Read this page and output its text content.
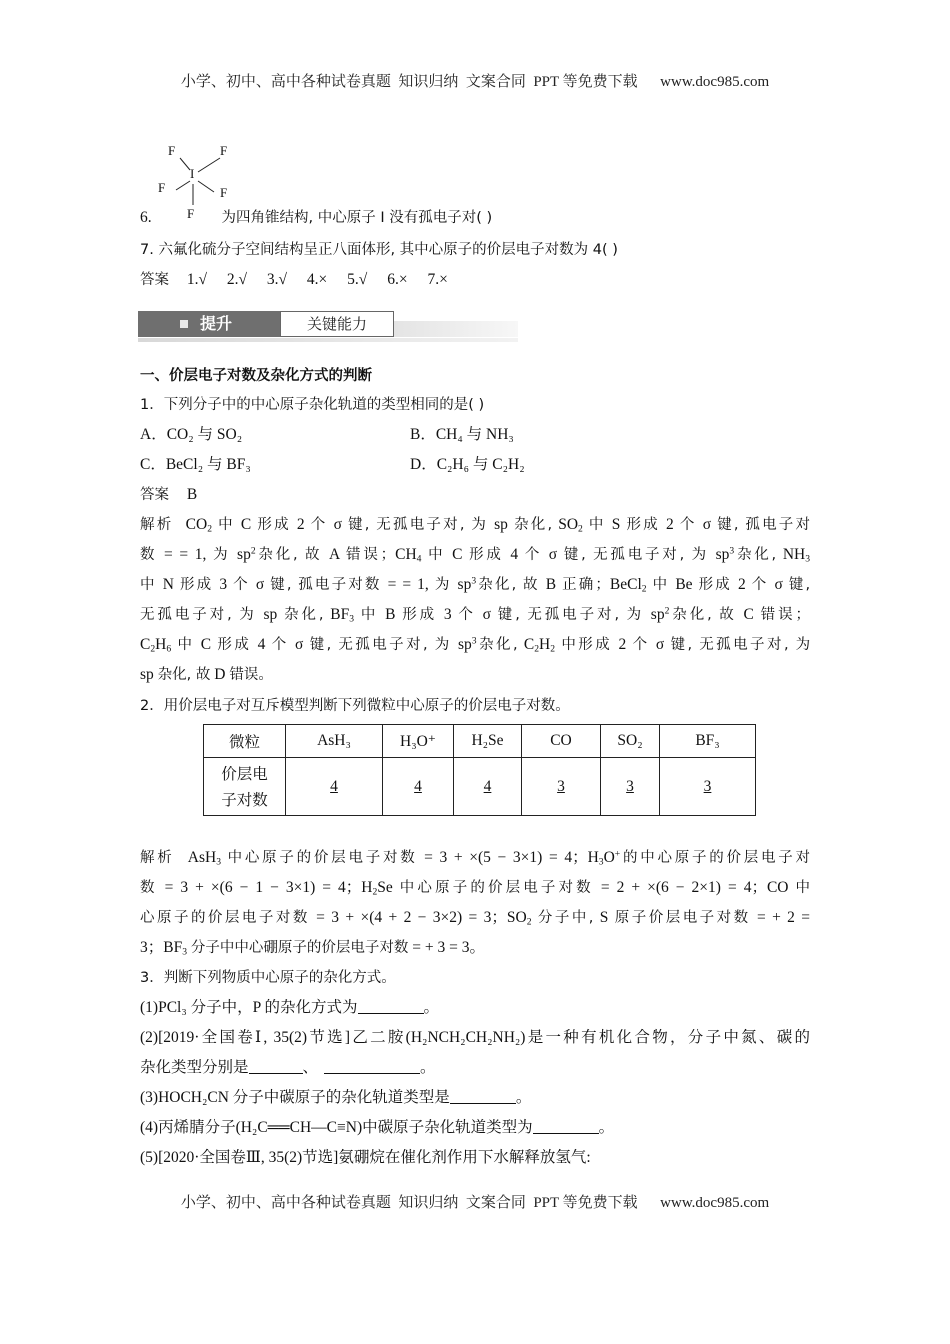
小学、初中、高中各种试卷真题  知识归纳  文案合同  PPT 等免费下载      www.doc985.com
F	F
I
F	F
F
6.	为四角锥结构, 中心原子 I 没有孤电子对( )
7. 六氟化硫分子空间结构呈正八面体形, 其中心原子的价层电子对数为 4( )
答案 1.√ 2.√ 3.√ 4.× 5.√ 6.× 7.×
提升	关键能力
一、价层电子对数及杂化方式的判断
1．下列分子中的中心原子杂化轨道的类型相同的是( )
A．CO₂ 与 SO₂	B．CH₄ 与 NH₃
C．BeCl₂ 与 BF₃	D．C₂H₆ 与 C₂H₂
答案 B
解析  $CO_2$ 中 C 形成 2 个 σ 键, 无孤电子对, 为 sp 杂化, $SO_2$ 中 S 形成 2 个 σ 键, 孤电子对
数 = = 1, 为 $sp^2$杂化, 故 A 错误；$CH_4$ 中 C 形成 4 个 σ 键, 无孤电子对, 为 $sp^3$杂化, $NH_3$
中 N 形成 3 个 σ 键, 孤电子对数 = = 1, 为 $sp^3$杂化, 故 B 正确；BeCl$_2$ 中 Be 形成 2 个 σ 键,
无孤电子对, 为 sp 杂化, $BF_3$ 中 B 形成 3 个 σ 键, 无孤电子对, 为 $sp^2$杂化, 故 C 错误；
$C_2H_6$ 中 C 形成 4 个 σ 键, 无孤电子对, 为 $sp^3$杂化, $C_2H_2$ 中形成 2 个 σ 键, 无孤电子对, 为
sp 杂化, 故 D 错误。
2．用价层电子对互斥模型判断下列微粒中心原子的价层电子对数。
微粒	AsH₃	H₃O⁺	H₂Se	CO	SO₂	BF₃
价层电
子对数	4	4	4	3	3	3
解析  AsH$_3$ 中心原子的价层电子对数 = 3 + ×(5 − 3×1) = 4；$H_3O^+$的中心原子的价层电子对
数 = 3 + ×(6 − 1 − 3×1) = 4；$H_2Se$ 中心原子的价层电子对数 = 2 + ×(6 − 2×1) = 4；CO 中
心原子的价层电子对数 = 3 + ×(4 + 2 − 3×2) = 3；$SO_2$ 分子中, S 原子价层电子对数 = + 2 =
3；$BF_3$ 分子中中心硼原子的价层电子对数 = + 3 = 3。
3．判断下列物质中心原子的杂化方式。
(1)PCl₃ 分子中，P 的杂化方式为	。
(2)[2019·全国卷Ⅰ, 35(2)节选]乙二胺(H₂NCH₂CH₂NH₂)是一种有机化合物，分子中氮、碳的
杂化类型分别是	、	。
(3)HOCH₂CN 分子中碳原子的杂化轨道类型是	。
(4)丙烯腈分子(H₂C══CH—C≡N)中碳原子杂化轨道类型为	。
(5)[2020·全国卷Ⅲ, 35(2)节选]氨硼烷在催化剂作用下水解释放氢气:
小学、初中、高中各种试卷真题  知识归纳  文案合同  PPT 等免费下载      www.doc985.com
